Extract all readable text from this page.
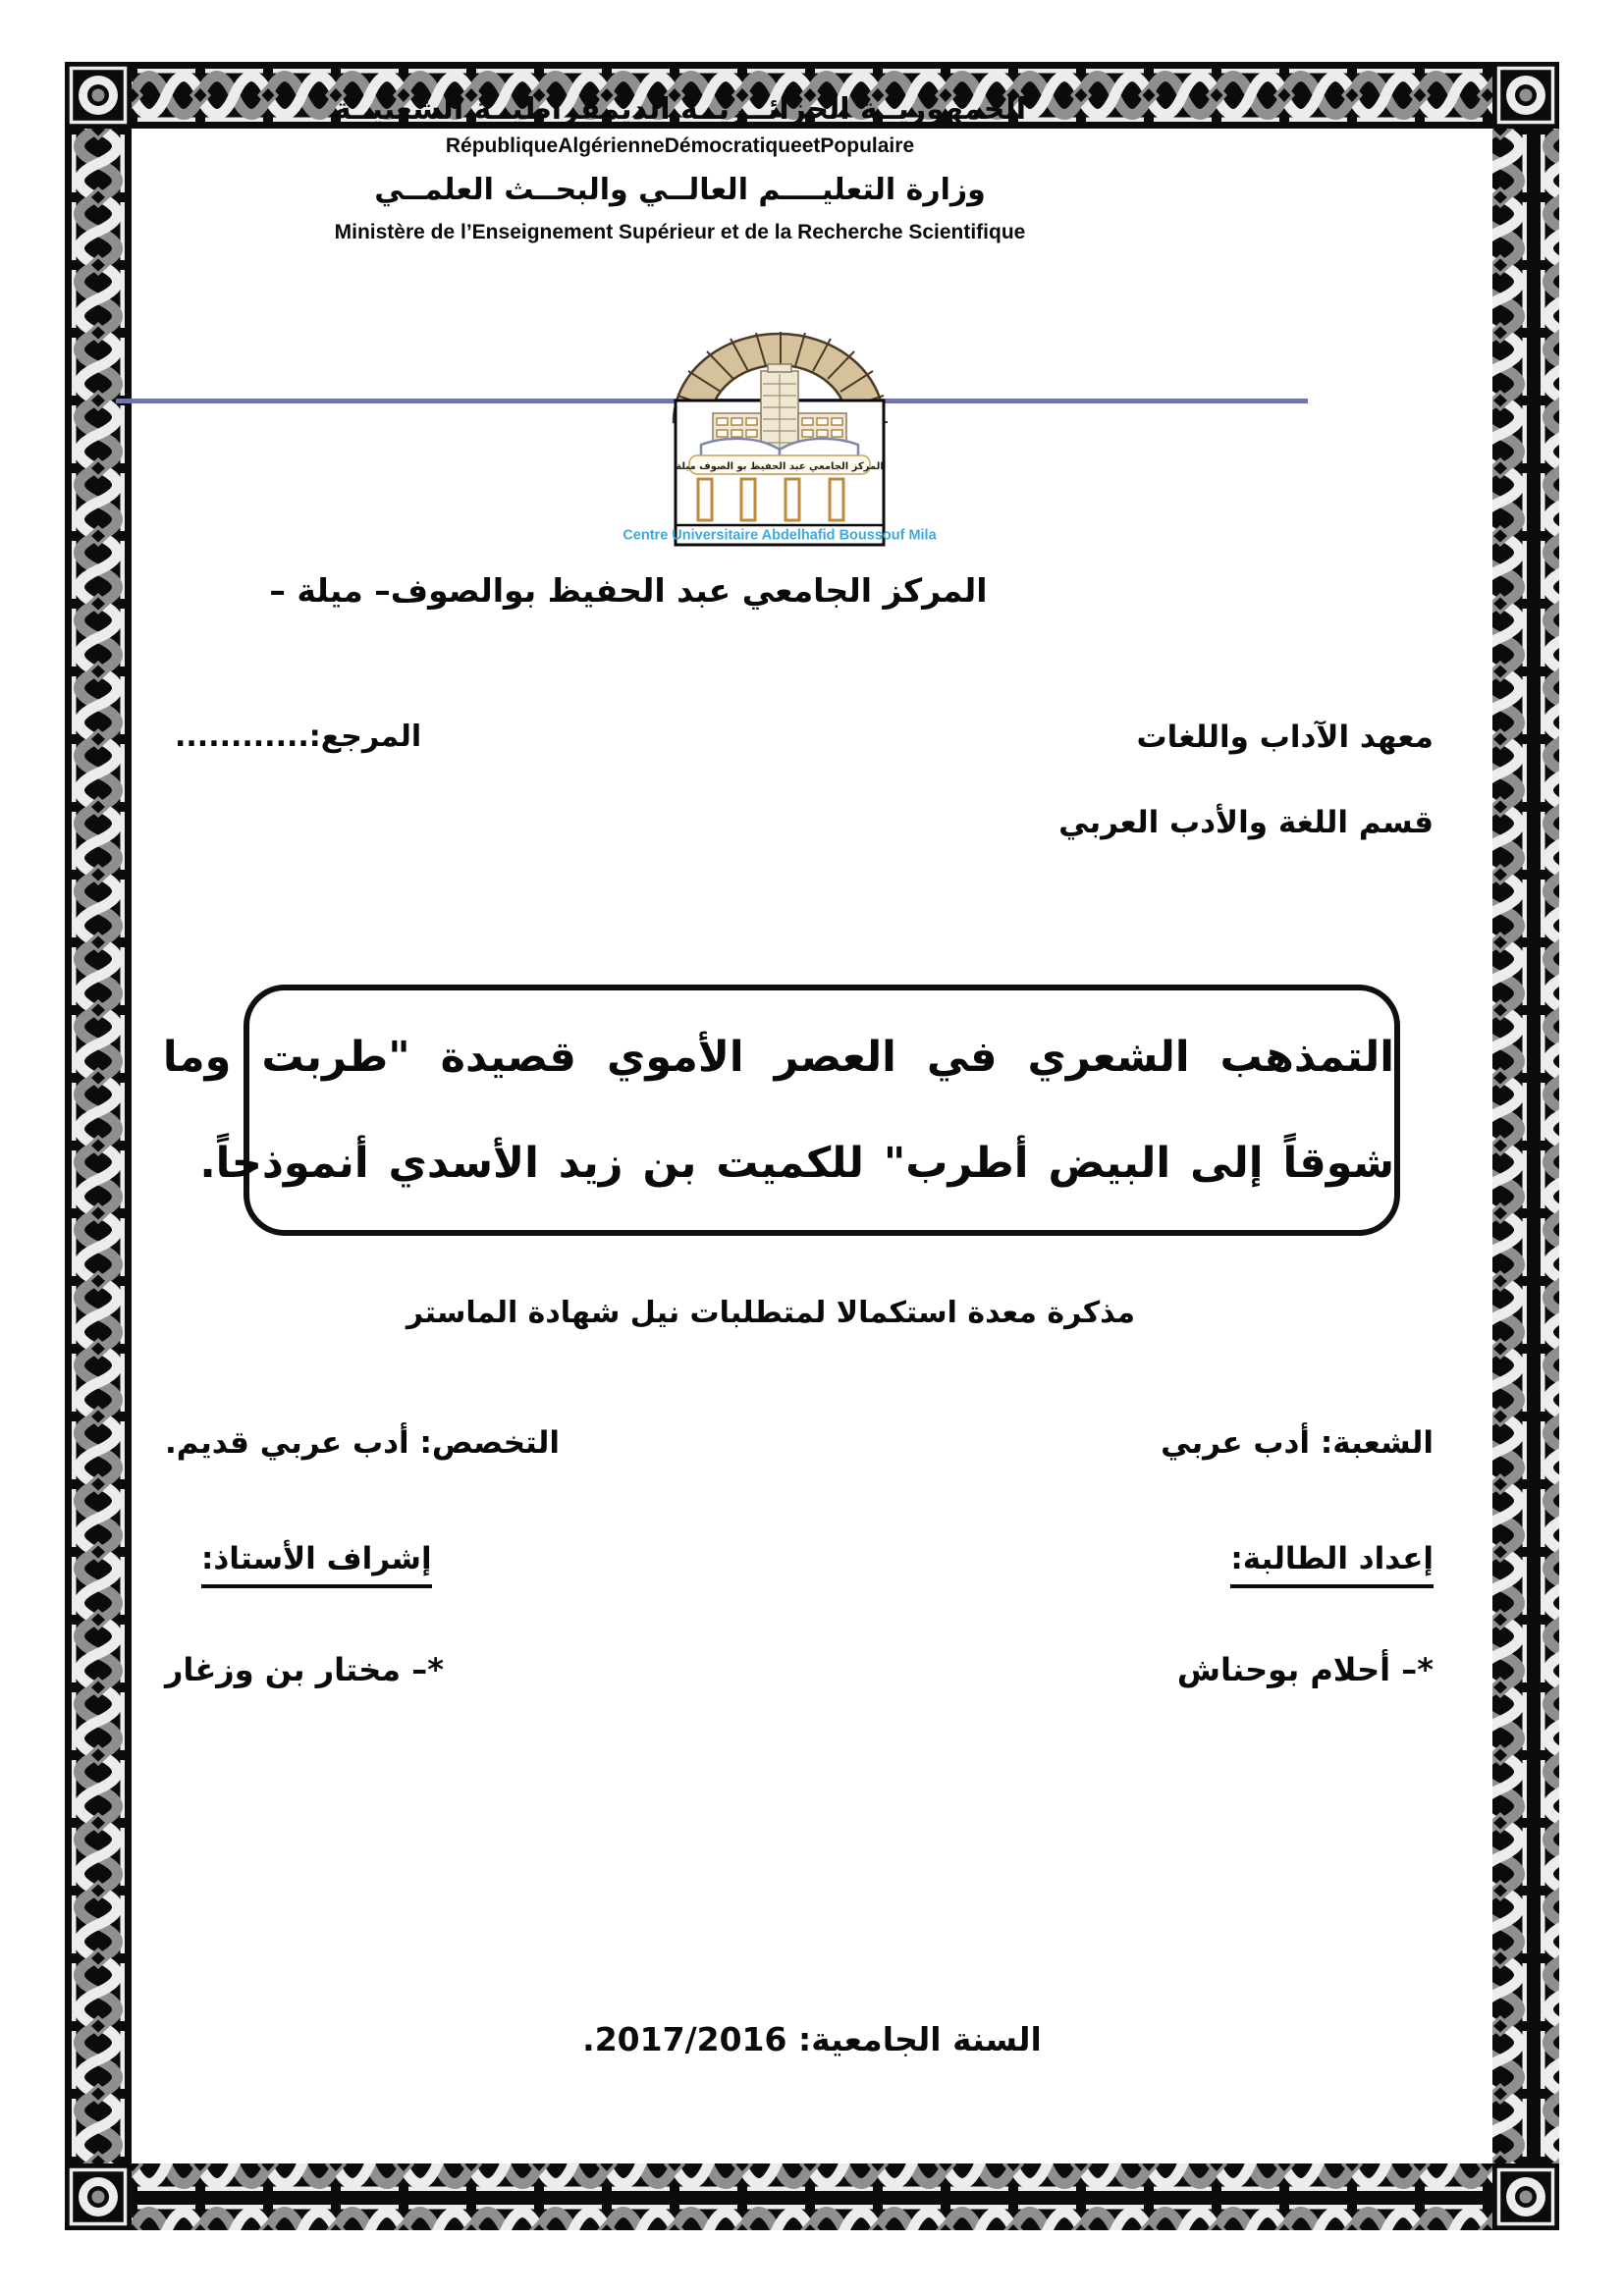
الجمهوريــة الجزائــريــة الديمقراطيــة الشعبيــة
RépubliqueAlgérienneDémocratiqueetPopulaire
وزارة التعليــــم العالــي والبحــث العلمــي
Ministère de l’Enseignement Supérieur et de la Recherche Scientifique
المركز الجامعي عبد الحفيظ بو الصوف ميلة
Centre Universitaire Abdelhafid Boussouf Mila
المركز الجامعي عبد الحفيظ بوالصوف– ميلة –
معهد الآداب واللغات
المرجع:............
قسم اللغة والأدب العربي
التمذهب الشعري في العصر الأموي قصيدة "طربت وما
شوقاً إلى البيض أطرب" للكميت بن زيد الأسدي أنموذجاً.
مذكرة معدة استكمالا لمتطلبات نيل شهادة الماستر
الشعبة: أدب عربي
التخصص: أدب عربي قديم.
إعداد الطالبة:
إشراف الأستاذ:
*– أحلام بوحناش
*– مختار بن وزغار
السنة الجامعية: 2017/2016.
